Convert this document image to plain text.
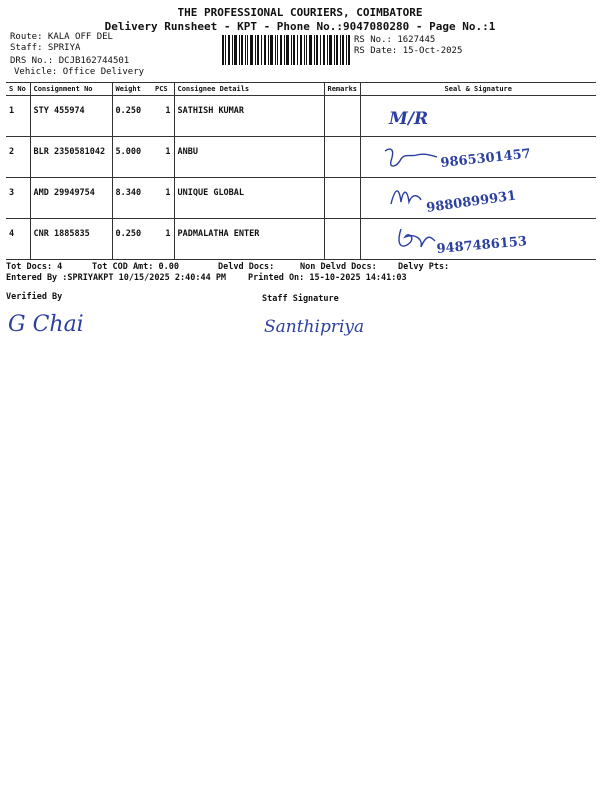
THE PROFESSIONAL COURIERS, COIMBATORE
Delivery Runsheet - KPT - Phone No.:9047080280 - Page No.:1
Route: KALA OFF DEL
Staff: SPRIYA
DRS No.: DCJB162744501
Vehicle: Office Delivery
RS No.: 1627445
RS Date: 15-Oct-2025
S No	Consignment No	Weight	PCS	Consignee Details	Remarks	Seal & Signature
1	STY 455974	0.250	1	SATHISH KUMAR		M/R

2	BLR 2350581042	5.000	1	ANBU		9865301457

3	AMD 29949754	8.340	1	UNIQUE GLOBAL		9880899931

4	CNR 1885835	0.250	1	PADMALATHA ENTER		9487486153
Tot Docs: 4	Tot COD Amt: 0.00	Delvd Docs:	Non Delvd Docs: Delvy Pts:
Entered By :SPRIYAKPT 10/15/2025 2:40:44 PM	Printed On: 15-10-2025 14:41:03
Verified By	Staff Signature
G Chai	Santhipriya
